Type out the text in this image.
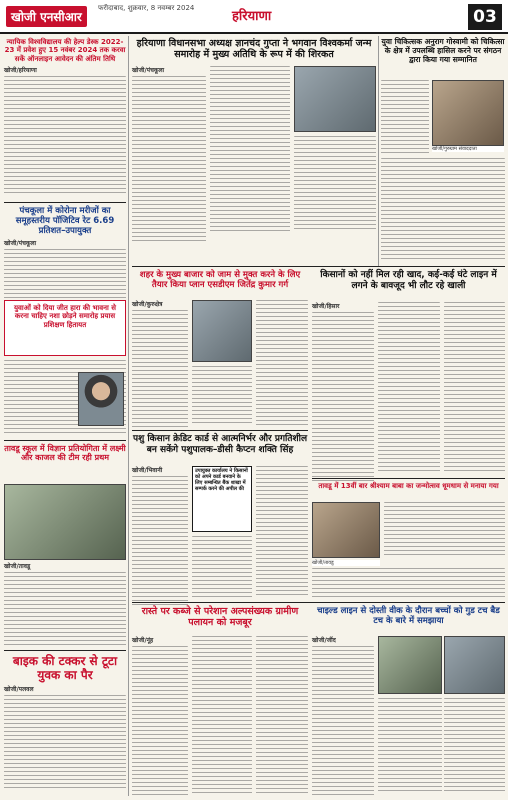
खोजी एनसीआर
फरीदाबाद, शुक्रवार, 8 नवम्बर 2024
हरियाणा	03
न्यायिक विश्वविद्यालय की हेल्प डेस्क 2022-23 में प्रवेश हुए 15 नवंबर 2024 तक करवा सकें ऑनलाइन आवेदन की अंतिम तिथि
खोजी/हरियाणा
पंचकूला में कोरोना मरीजों का समूहस्तरीय पॉजिटिव रेट 6.69 प्रतिशत–उपायुक्त
खोजी/पंचकूला
युवाओं को दिया जीत हारा की भावना से करना चाहिए नशा छोड़ने समारोह प्रयास प्रशिक्षण हितायत
तावडू स्कूल में विज्ञान प्रतियोगिता में लक्ष्मी और काजल की टीम रही प्रथम
खोजी/तावडू
बाइक की टक्कर से टूटा युवक का पैर
खोजी/पलवल
हरियाणा विधानसभा अध्यक्ष ज्ञानचंद गुप्ता ने भगवान विश्वकर्मा जन्म समारोह में मुख्य अतिथि के रूप में की शिरकत
खोजी/पंचकूला
युवा चिकित्सक अनुराग गोस्वामी को चिकित्सा के क्षेत्र में उपलब्धि हासिल करने पर संगठन द्वारा किया गया सम्मानित
खोजी/गुरुग्राम संवाददाता
शहर के मुख्य बाजार को जाम से मुक्त करने के लिए तैयार किया प्लान एसडीएम जितेंद्र कुमार गर्ग
खोजी/कुरुक्षेत्र
किसानों को नहीं मिल रही खाद, कई-कई घंटे लाइन में लगने के बावजूद भी लौट रहे खाली
खोजी/हिसार
पशु किसान क्रेडिट कार्ड से आत्मनिर्भर और प्रगतिशील बन सकेंगे पशुपालक–डीसी कैप्टन शक्ति सिंह
खोजी/भिवानी	उपायुक्त कार्यालय ने किसानों को अपने कार्ड बनवाने के लिए सम्बन्धित बैंक शाखा में सम्पर्क करने की अपील की	तावडू में 13वीं बार श्रीश्याम बाबा का जन्मोत्सव धूमधाम से मनाया गया
खोजी/तावडू
रास्ते पर कब्जे से परेशान अल्पसंख्यक ग्रामीण पलायन को मजबूर
खोजी/नूंह
चाइल्ड लाइन से दोस्ती वीक के दौरान बच्चों को गुड टच बैड टच के बारे में समझाया
खोजी/जींद
